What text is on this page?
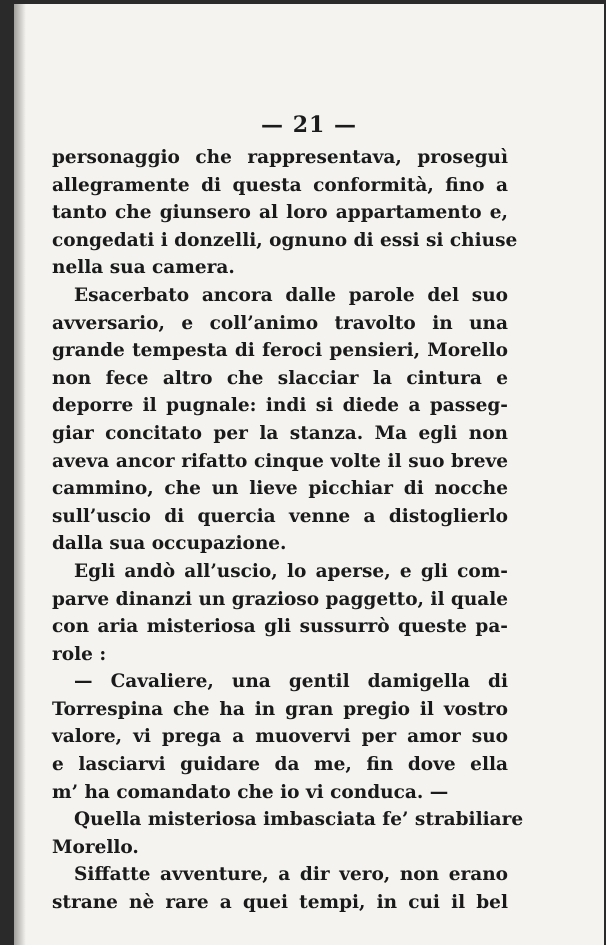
— 21 —
personaggio che rappresentava, proseguì
allegramente di questa conformità, fino a
tanto che giunsero al loro appartamento e,
congedati i donzelli, ognuno di essi si chiuse
nella sua camera.
Esacerbato ancora dalle parole del suo
avversario, e coll’animo travolto in una
grande tempesta di feroci pensieri, Morello
non fece altro che slacciar la cintura e
deporre il pugnale: indi si diede a passeg-
giar concitato per la stanza. Ma egli non
aveva ancor rifatto cinque volte il suo breve
cammino, che un lieve picchiar di nocche
sull’uscio di quercia venne a distoglierlo
dalla sua occupazione.
Egli andò all’uscio, lo aperse, e gli com-
parve dinanzi un grazioso paggetto, il quale
con aria misteriosa gli sussurrò queste pa-
role :
— Cavaliere, una gentil damigella di
Torrespina che ha in gran pregio il vostro
valore, vi prega a muovervi per amor suo
e lasciarvi guidare da me, fin dove ella
m’ ha comandato che io vi conduca. —
Quella misteriosa imbasciata fe’ strabiliare
Morello.
Siffatte avventure, a dir vero, non erano
strane nè rare a quei tempi, in cui il bel
